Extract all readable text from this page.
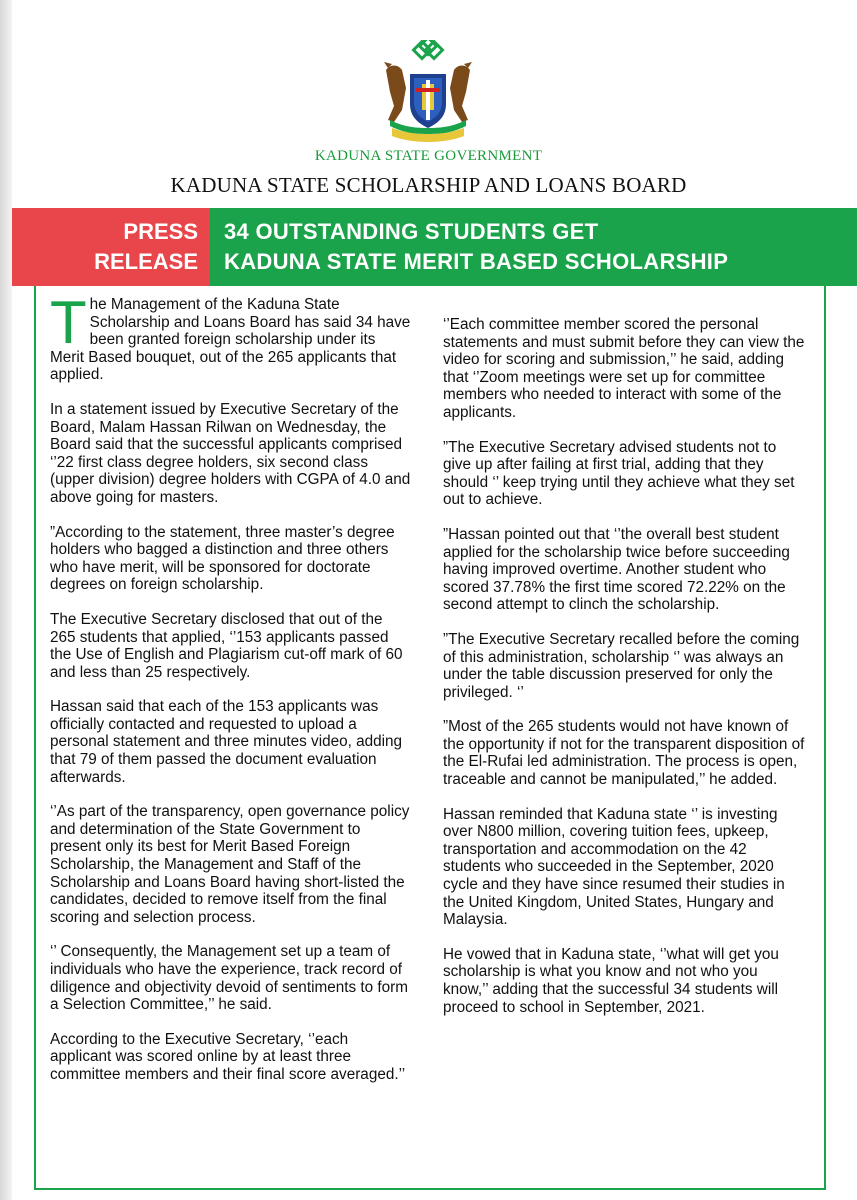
KADUNA STATE GOVERNMENT
KADUNA STATE SCHOLARSHIP AND LOANS BOARD
PRESS
RELEASE
34 OUTSTANDING STUDENTS GET
KADUNA STATE MERIT BASED SCHOLARSHIP

The Management of the Kaduna State Scholarship and Loans Board has said 34 have been granted foreign scholarship under its Merit Based bouquet, out of the 265 applicants that applied.

In a statement issued by Executive Secretary of the Board, Malam Hassan Rilwan on Wednesday, the Board said that the successful applicants comprised ‘’22 first class degree holders, six second class (upper division) degree holders with CGPA of 4.0 and above going for masters.

”According to the statement, three master’s degree holders who bagged a distinction and three others who have merit, will be sponsored for doctorate degrees on foreign scholarship.

The Executive Secretary disclosed that out of the 265 students that applied, ‘’153 applicants passed the Use of English and Plagiarism cut-off mark of 60 and less than 25 respectively.

Hassan said that each of the 153 applicants was officially contacted and requested to upload a personal statement and three minutes video, adding that 79 of them passed the document evaluation afterwards.

‘’As part of the transparency, open governance policy and determination of the State Government to present only its best for Merit Based Foreign Scholarship, the Management and Staff of the Scholarship and Loans Board having short-listed the candidates, decided to remove itself from the final scoring and selection process.

‘’ Consequently, the Management set up a team of individuals who have the experience, track record of diligence and objectivity devoid of sentiments to form a Selection Committee,’’ he said.

According to the Executive Secretary, ‘’each applicant was scored online by at least three committee members and their final score averaged.’’

‘’Each committee member scored the personal statements and must submit before they can view the video for scoring and submission,’’ he said, adding that ‘’Zoom meetings were set up for committee members who needed to interact with some of the applicants.

”The Executive Secretary advised students not to give up after failing at first trial, adding that they should ‘’ keep trying until they achieve what they set out to achieve.

”Hassan pointed out that ‘’the overall best student applied for the scholarship twice before succeeding having improved overtime. Another student who scored 37.78% the first time scored 72.22% on the second attempt to clinch the scholarship.

”The Executive Secretary recalled before the coming of this administration, scholarship ‘’ was always an under the table discussion preserved for only the privileged. ‘’

”Most of the 265 students would not have known of the opportunity if not for the transparent disposition of the El-Rufai led administration. The process is open, traceable and cannot be manipulated,’’ he added.

Hassan reminded that Kaduna state ‘’ is investing over N800 million, covering tuition fees, upkeep, transportation and accommodation on the 42 students who succeeded in the September, 2020 cycle and they have since resumed their studies in the United Kingdom, United States, Hungary and Malaysia.

He vowed that in Kaduna state, ‘’what will get you scholarship is what you know and not who you know,’’ adding that the successful 34 students will proceed to school in September, 2021.
